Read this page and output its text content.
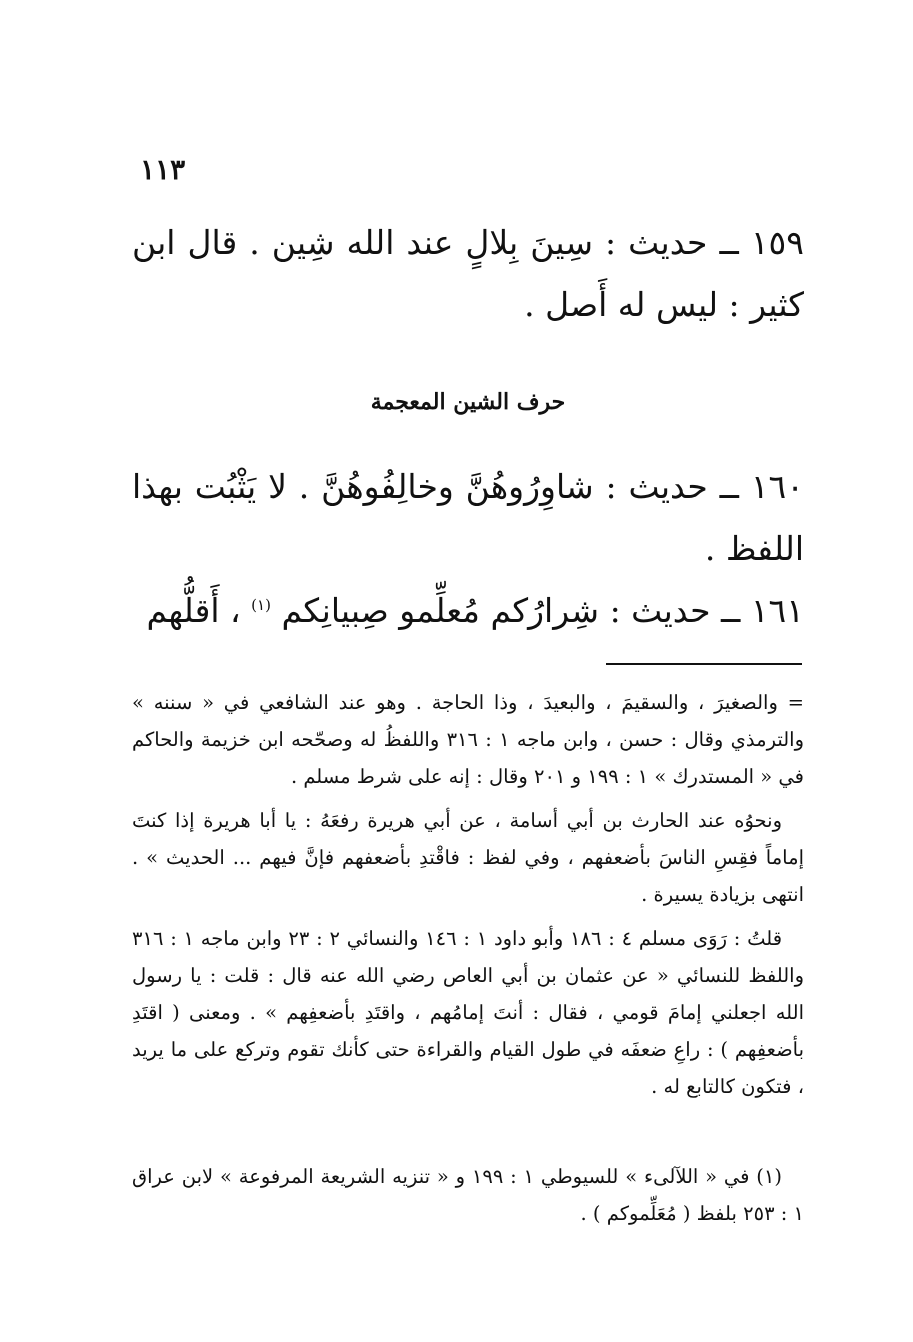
١١٣
١٥٩ ــ حديث : سِينَ بِلالٍ عند الله شِين . قال ابن كثير : ليس له أَصل .
حرف الشين المعجمة
١٦٠ ــ حديث : شاوِرُوهُنَّ وخالِفُوهُنَّ . لا يَثْبُت بهذا اللفظ .
١٦١ ــ حديث : شِرارُكم مُعلِّمو صِبيانِكم $^{(١)}$ ، أَقلُّهم

= والصغيرَ ، والسقيمَ ، والبعيدَ ، وذا الحاجة . وهو عند الشافعي في « سننه » والترمذي وقال : حسن ، وابن ماجه ١ : ٣١٦ واللفظُ له وصحّحه ابن خزيمة والحاكم في « المستدرك » ١ : ١٩٩ و ٢٠١ وقال : إنه على شرط مسلم .

ونحوُه عند الحارث بن أبي أسامة ، عن أبي هريرة رفعَهُ : يا أبا هريرة إذا كنتَ إماماً فقِسِ الناسَ بأضعفهم ، وفي لفظ : فاقْتدِ بأضعفهم فإنَّ فيهم ... الحديث » . انتهى بزيادة يسيرة .

قلتُ : رَوَى مسلم ٤ : ١٨٦ وأبو داود ١ : ١٤٦ والنسائي ٢ : ٢٣ وابن ماجه ١ : ٣١٦ واللفظ للنسائي « عن عثمان بن أبي العاص رضي الله عنه قال : قلت : يا رسول الله اجعلني إمامَ قومي ، فقال : أنتَ إمامُهم ، واقتَدِ بأضعفِهم » . ومعنى ( اقتَدِ بأضعفِهم ) : راعِ ضعفَه في طول القيام والقراءة حتى كأنك تقوم وتركع على ما يريد ، فتكون كالتابع له .

(١) في « اللآلىء » للسيوطي ١ : ١٩٩ و « تنزيه الشريعة المرفوعة » لابن عراق ١ : ٢٥٣ بلفظ ( مُعَلِّموكم ) .
